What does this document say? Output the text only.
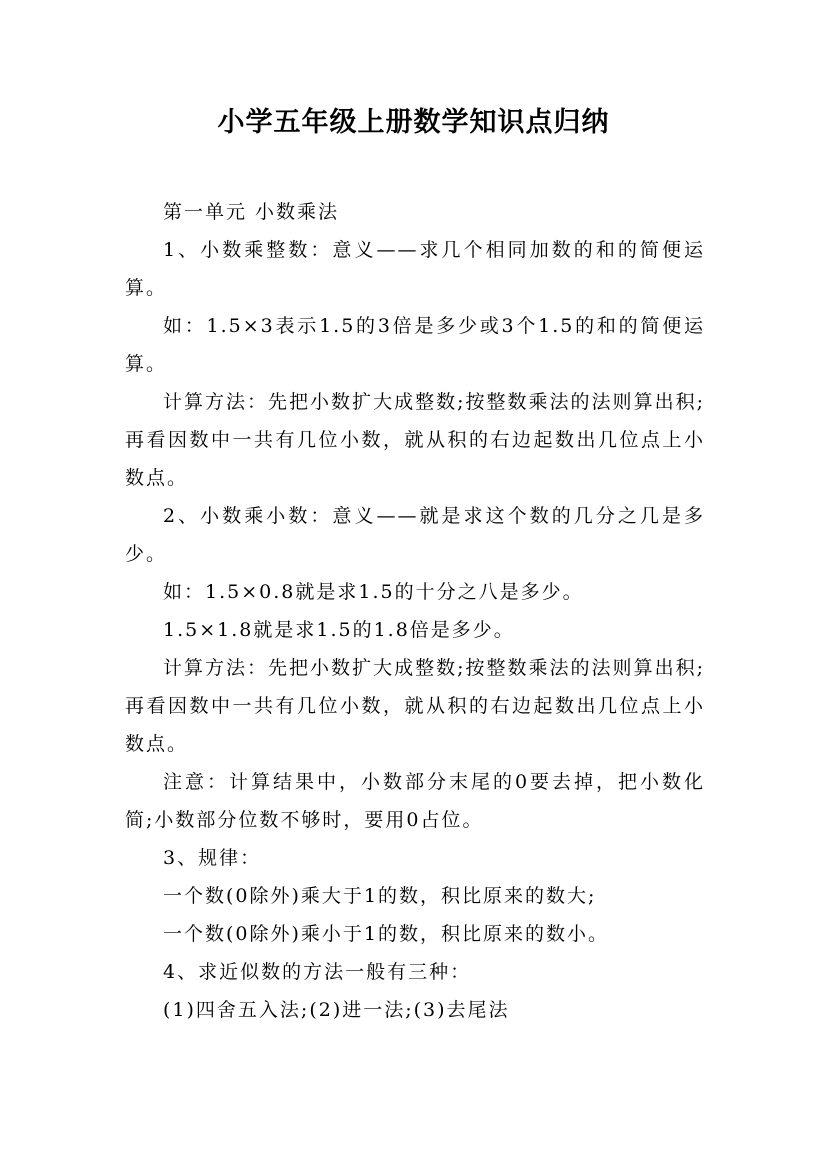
小学五年级上册数学知识点归纳

第一单元 小数乘法

1、小数乘整数：意义——求几个相同加数的和的简便运算。

如：1.5×3表示1.5的3倍是多少或3个1.5的和的简便运算。

计算方法：先把小数扩大成整数;按整数乘法的法则算出积;再看因数中一共有几位小数，就从积的右边起数出几位点上小数点。

2、小数乘小数：意义——就是求这个数的几分之几是多少。

如：1.5×0.8就是求1.5的十分之八是多少。

1.5×1.8就是求1.5的1.8倍是多少。

计算方法：先把小数扩大成整数;按整数乘法的法则算出积;再看因数中一共有几位小数，就从积的右边起数出几位点上小数点。

注意：计算结果中，小数部分末尾的0要去掉，把小数化简;小数部分位数不够时，要用0占位。

3、规律：

一个数(0除外)乘大于1的数，积比原来的数大;

一个数(0除外)乘小于1的数，积比原来的数小。

4、求近似数的方法一般有三种：

(1)四舍五入法;(2)进一法;(3)去尾法
